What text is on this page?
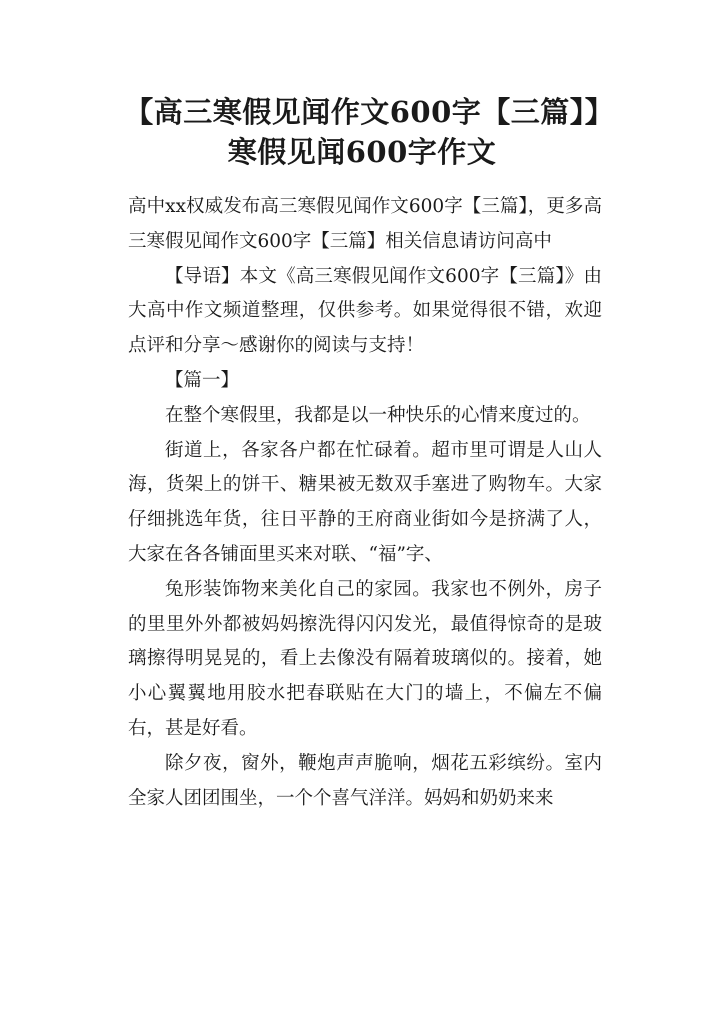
【高三寒假见闻作文600字【三篇】】寒假见闻600字作文

高中xx权威发布高三寒假见闻作文600字【三篇】，更多高三寒假见闻作文600字【三篇】相关信息请访问高中

【导语】本文《高三寒假见闻作文600字【三篇】》由大高中作文频道整理，仅供参考。如果觉得很不错，欢迎点评和分享～感谢你的阅读与支持！

【篇一】

在整个寒假里，我都是以一种快乐的心情来度过的。

街道上，各家各户都在忙碌着。超市里可谓是人山人海，货架上的饼干、糖果被无数双手塞进了购物车。大家仔细挑选年货，往日平静的王府商业街如今是挤满了人，大家在各各铺面里买来对联、“福”字、

兔形装饰物来美化自己的家园。我家也不例外，房子的里里外外都被妈妈擦洗得闪闪发光，最值得惊奇的是玻璃擦得明晃晃的，看上去像没有隔着玻璃似的。接着，她小心翼翼地用胶水把春联贴在大门的墙上，不偏左不偏右，甚是好看。

除夕夜，窗外，鞭炮声声脆响，烟花五彩缤纷。室内全家人团团围坐，一个个喜气洋洋。妈妈和奶奶来来
